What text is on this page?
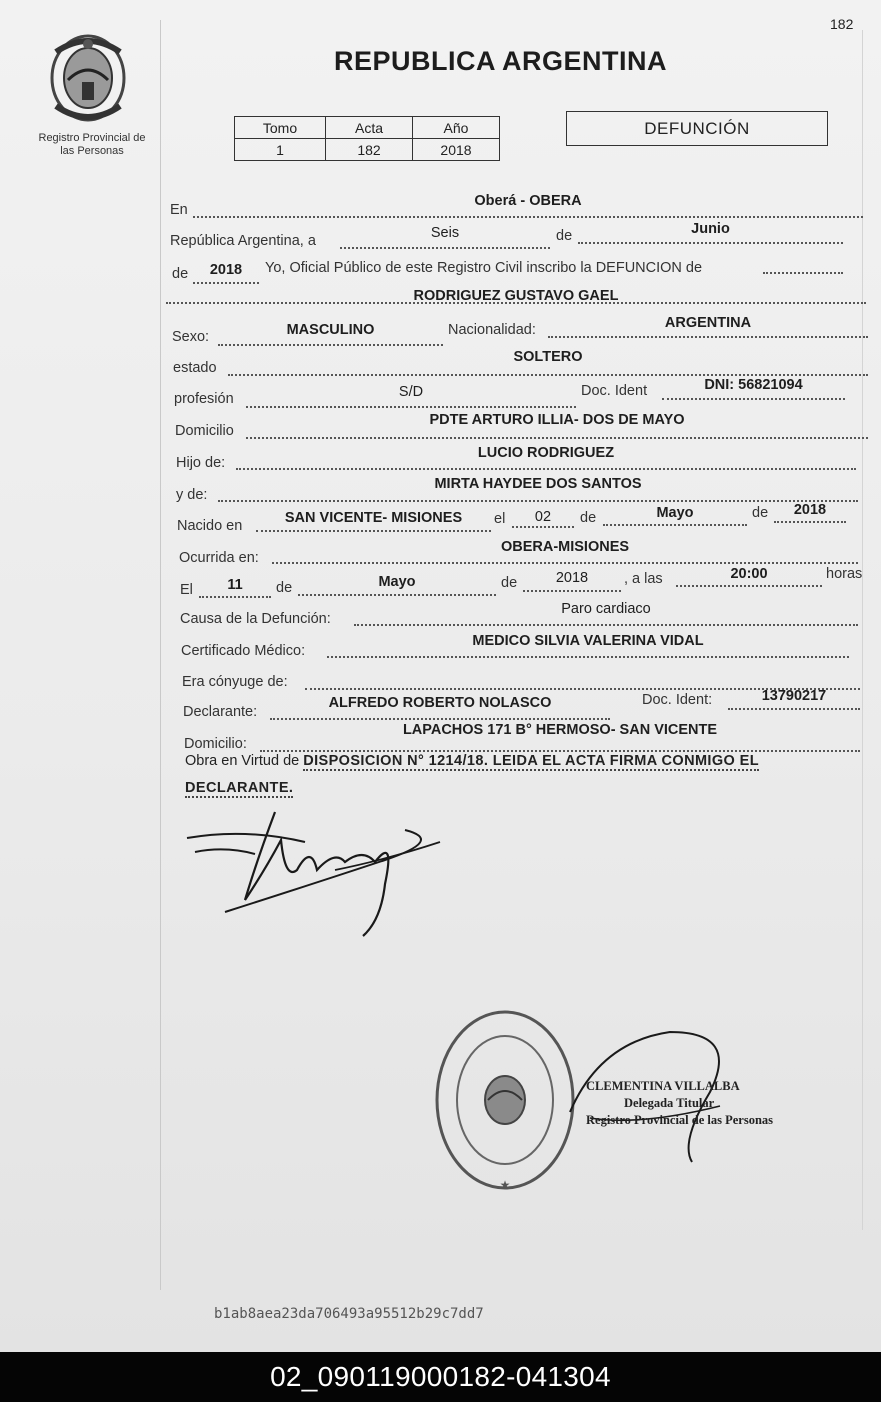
182
Registro Provincial de
las Personas
REPUBLICA ARGENTINA
Tomo	Acta	Año
1	182	2018
DEFUNCIÓN
En
Oberá - OBERA
República Argentina, a	Seis	de	Junio
de	2018	Yo, Oficial Público de este Registro Civil inscribo la DEFUNCION de
RODRIGUEZ GUSTAVO GAEL
Sexo:	MASCULINO	Nacionalidad:	ARGENTINA
estado
SOLTERO
profesión	S/D	Doc. Ident	DNI: 56821094
Domicilio
PDTE ARTURO ILLIA- DOS DE MAYO
Hijo de:
LUCIO RODRIGUEZ
y de:
MIRTA HAYDEE DOS SANTOS
Nacido en	SAN VICENTE- MISIONES	el	02	de	Mayo	de	2018
Ocurrida en:
OBERA-MISIONES
El	11	de	Mayo	de	2018	, a las	20:00	horas
Causa de la Defunción:
Paro cardiaco
Certificado Médico:
MEDICO SILVIA VALERINA VIDAL
Era cónyuge de:
Declarante:
ALFREDO ROBERTO NOLASCO	Doc. Ident:	13790217
Domicilio:
LAPACHOS 171 B° HERMOSO- SAN VICENTE
Obra en Virtud de DISPOSICION N° 1214/18. LEIDA EL ACTA FIRMA CONMIGO EL
DECLARANTE.
★
CLEMENTINA VILLALBA
Delegada Titular
Registro Provincial de las Personas
b1ab8aea23da706493a95512b29c7dd7
02_090119000182-041304
